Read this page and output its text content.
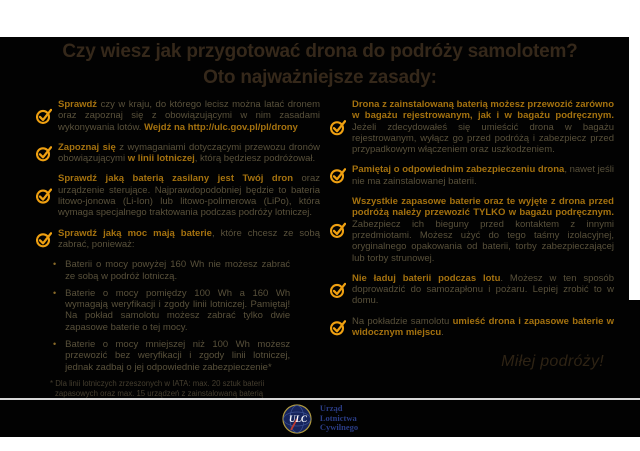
Czy wiesz jak przygotować drona do podróży samolotem?
Oto najważniejsze zasady:
Sprawdź czy w kraju, do którego lecisz można latać dronem oraz zapoznaj się z obowiązującymi w nim zasadami wykonywania lotów. Wejdź na http://ulc.gov.pl/pl/drony
Zapoznaj się z wymaganiami dotyczącymi przewozu dronów obowiązującymi w linii lotniczej, którą będziesz podróżował.
Sprawdź jaką baterią zasilany jest Twój dron oraz urządzenie sterujące. Najprawdopodobniej będzie to bateria litowo-jonowa (Li-Ion) lub litowo-polimerowa (LiPo), która wymaga specjalnego traktowania podczas podróży lotniczej.
Sprawdź jaką moc mają baterie, które chcesz ze sobą zabrać, ponieważ:
• Baterii o mocy powyżej 160 Wh nie możesz zabrać ze sobą w podróż lotniczą.
• Baterie o mocy pomiędzy 100 Wh a 160 Wh wymagają weryfikacji i zgody linii lotniczej. Pamiętaj! Na pokład samolotu możesz zabrać tylko dwie zapasowe baterie o tej mocy.
• Baterie o mocy mniejszej niż 100 Wh możesz przewozić bez weryfikacji i zgody linii lotniczej, jednak zadbaj o jej odpowiednie zabezpieczenie*
* Dla linii lotniczych zrzeszonych w IATA: max. 20 sztuk baterii zapasowych oraz max. 15 urządzeń z zainstalowaną baterią
Drona z zainstalowaną baterią możesz przewozić zarówno w bagażu rejestrowanym, jak i w bagażu podręcznym. Jeżeli zdecydowałeś się umieścić drona w bagażu rejestrowanym, wyłącz go przed podróżą i zabezpiecz przed przypadkowym włączeniem oraz uszkodzeniem.
Pamiętaj o odpowiednim zabezpieczeniu drona, nawet jeśli nie ma zainstalowanej baterii.
Wszystkie zapasowe baterie oraz te wyjęte z drona przed podróżą należy przewozić TYLKO w bagażu podręcznym. Zabezpiecz ich bieguny przed kontaktem z innymi przedmiotami. Możesz użyć do tego taśmy izolacyjnej, oryginalnego opakowania od baterii, torby zabezpieczającej lub torby strunowej.
Nie ładuj baterii podczas lotu. Możesz w ten sposób doprowadzić do samozapłonu i pożaru. Lepiej zrobić to w domu.
Na pokładzie samolotu umieść drona i zapasowe baterie w widocznym miejscu.
Miłej podróży!
ULC
Urząd
Lotnictwa
Cywilnego
